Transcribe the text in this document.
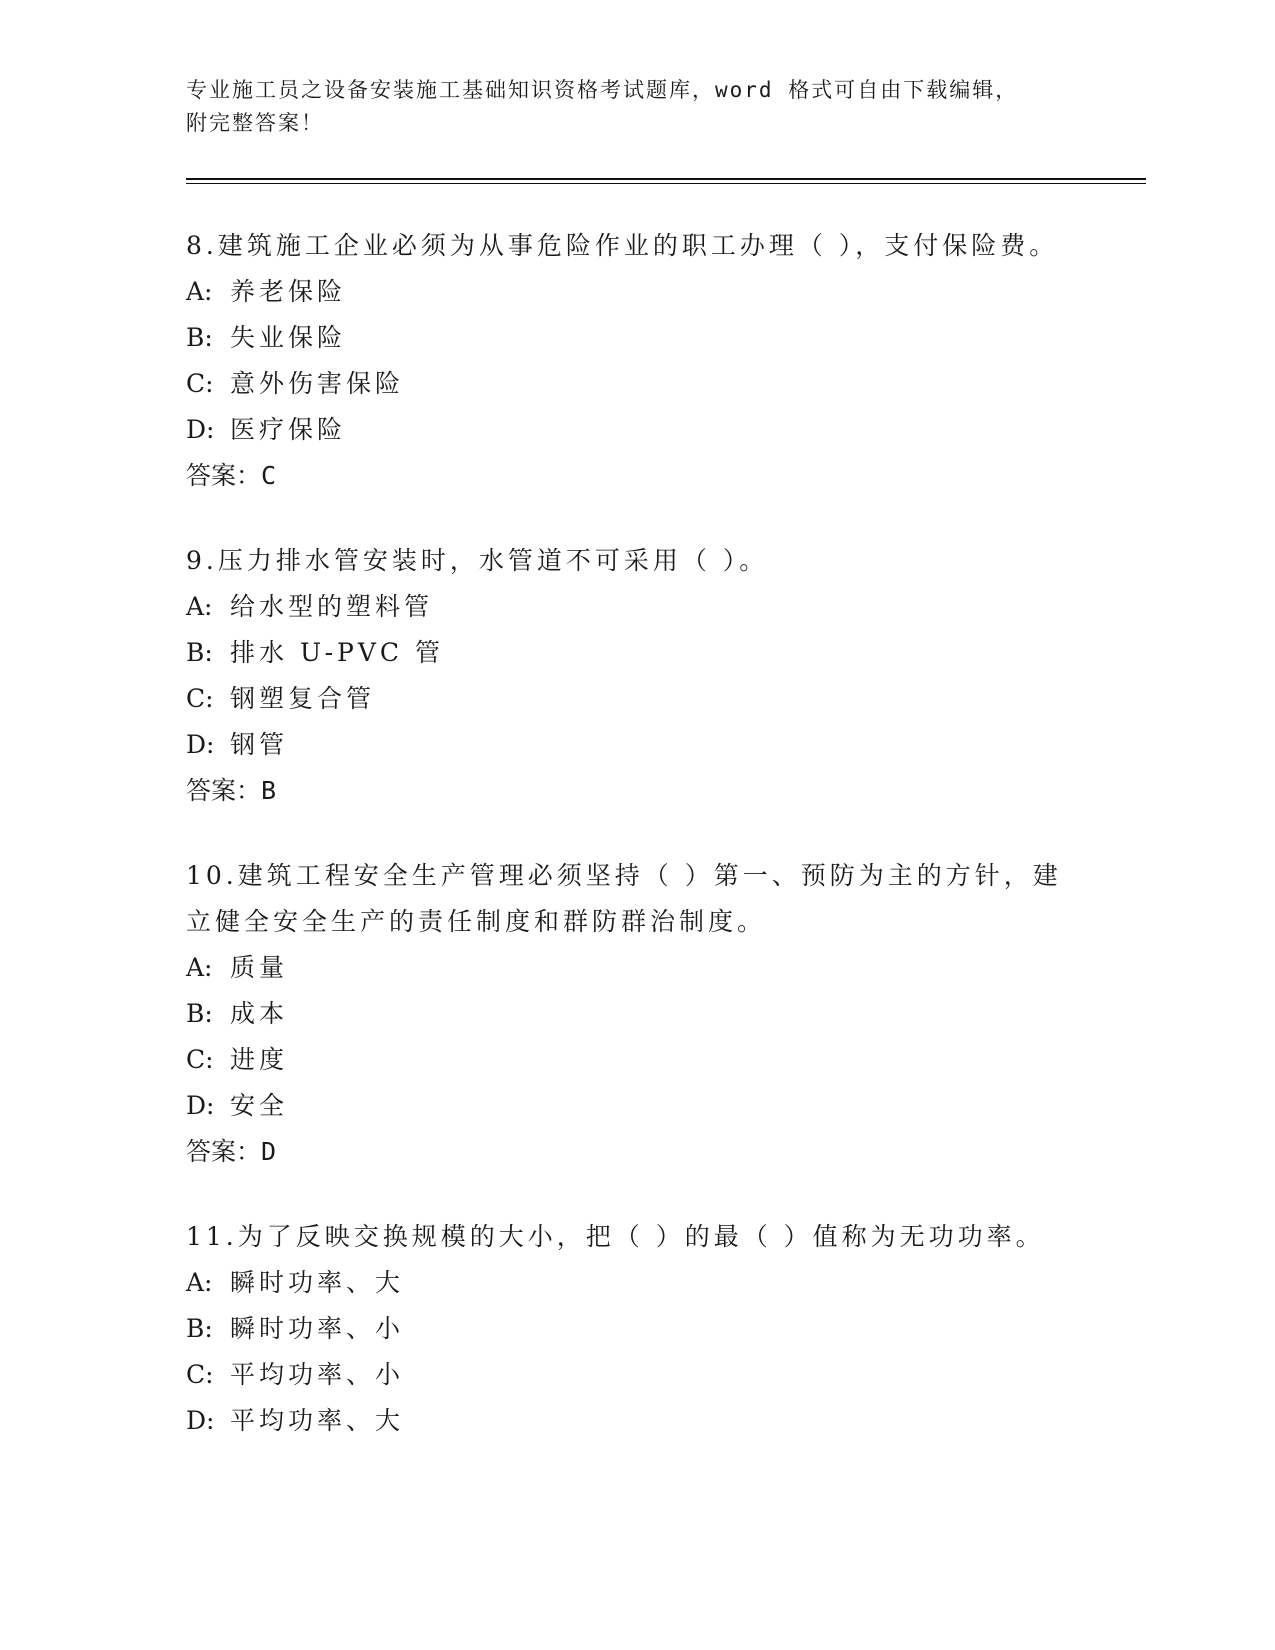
专业施工员之设备安装施工基础知识资格考试题库，word 格式可自由下载编辑，
附完整答案！

8.建筑施工企业必须为从事危险作业的职工办理（ ），支付保险费。

A: 养老保险

B: 失业保险

C: 意外伤害保险

D: 医疗保险

答案：C

9.压力排水管安装时，水管道不可采用（ ）。

A: 给水型的塑料管

B: 排水 U-PVC 管

C: 钢塑复合管

D: 钢管

答案：B

10.建筑工程安全生产管理必须坚持（ ）第一、预防为主的方针，建立健全安全生产的责任制度和群防群治制度。

A: 质量

B: 成本

C: 进度

D: 安全

答案：D

11.为了反映交换规模的大小，把（ ）的最（ ）值称为无功功率。

A: 瞬时功率、大

B: 瞬时功率、小

C: 平均功率、小

D: 平均功率、大
